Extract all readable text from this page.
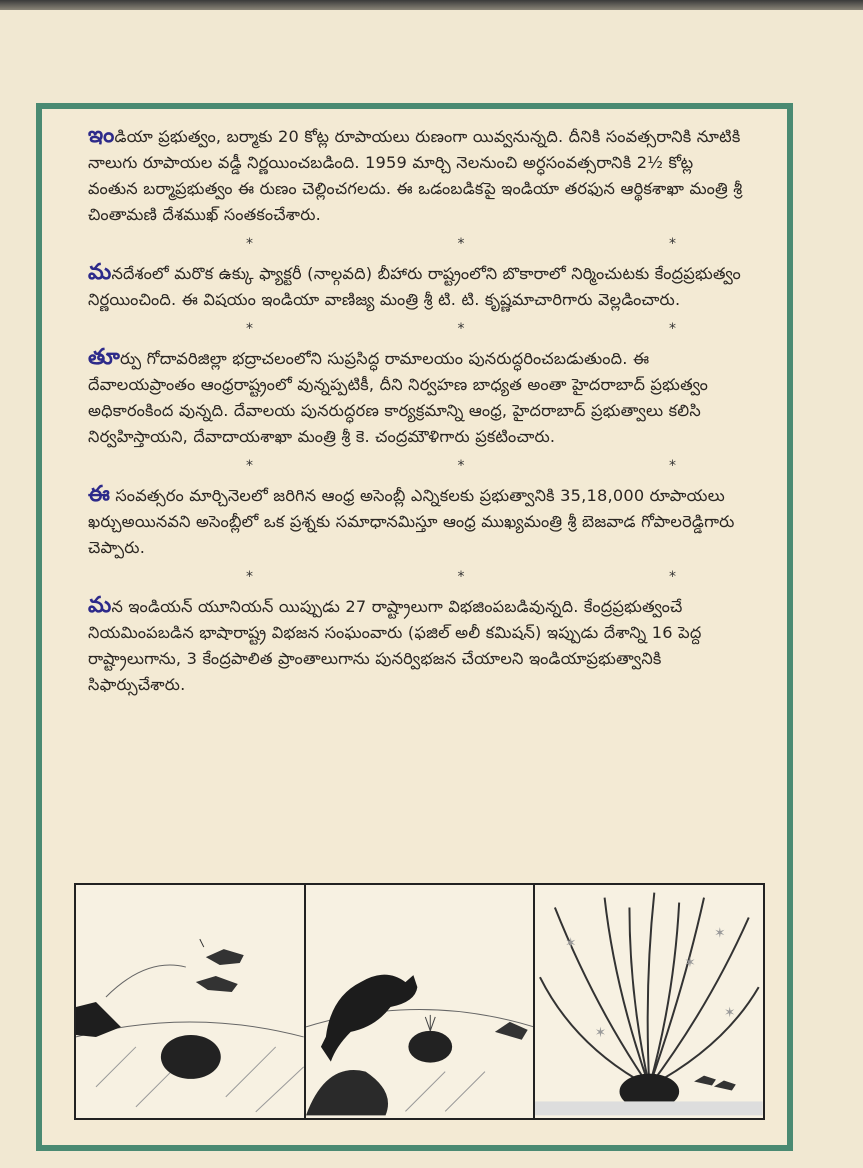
ఇండియా ప్రభుత్వం, బర్మాకు 20 కోట్ల రూపాయలు రుణంగా యివ్వనున్నది. దీనికి సంవత్సరానికి నూటికి నాలుగు రూపాయల వడ్డీ నిర్ణయించబడింది. 1959 మార్చి నెలనుంచి అర్ధసంవత్సరానికి 2½ కోట్ల వంతున బర్మాప్రభుత్వం ఈ రుణం చెల్లించగలదు. ఈ ఒడంబడికపై ఇండియా తరఫున ఆర్థికశాఖా మంత్రి శ్రీ చింతామణి దేశముఖ్ సంతకంచేశారు.

*	*	*

మనదేశంలో మరొక ఉక్కు ఫ్యాక్టరీ (నాల్గవది) బీహారు రాష్ట్రంలోని బొకారాలో నిర్మించుటకు కేంద్రప్రభుత్వం నిర్ణయించింది. ఈ విషయం ఇండియా వాణిజ్య మంత్రి శ్రీ టి. టి. కృష్ణమాచారిగారు వెల్లడించారు.

*	*	*

తూర్పు గోదావరిజిల్లా భద్రాచలంలోని సుప్రసిద్ధ రామాలయం పునరుద్ధరించబడుతుంది. ఈ దేవాలయప్రాంతం ఆంధ్రరాష్ట్రంలో వున్నప్పటికీ, దీని నిర్వహణ బాధ్యత అంతా హైదరాబాద్ ప్రభుత్వం అధికారంకింద వున్నది. దేవాలయ పునరుద్ధరణ కార్యక్రమాన్ని ఆంధ్ర, హైదరాబాద్ ప్రభుత్వాలు కలిసి నిర్వహిస్తాయని, దేవాదాయశాఖా మంత్రి శ్రీ కె. చంద్రమౌళిగారు ప్రకటించారు.

*	*	*

ఈ సంవత్సరం మార్చినెలలో జరిగిన ఆంధ్ర అసెంబ్లీ ఎన్నికలకు ప్రభుత్వానికి 35,18,000 రూపాయలు ఖర్చుఅయినవని అసెంబ్లీలో ఒక ప్రశ్నకు సమాధానమిస్తూ ఆంధ్ర ముఖ్యమంత్రి శ్రీ బెజవాడ గోపాలరెడ్డిగారు చెప్పారు.

*	*	*

మన ఇండియన్ యూనియన్ యిప్పుడు 27 రాష్ట్రాలుగా విభజింపబడివున్నది. కేంద్రప్రభుత్వంచే నియమింపబడిన భాషారాష్ట్ర విభజన సంఘంవారు (ఫజిల్ అలీ కమిషన్) ఇప్పుడు దేశాన్ని 16 పెద్ద రాష్ట్రాలుగాను, 3 కేంద్రపాలిత ప్రాంతాలుగాను పునర్విభజన చేయాలని ఇండియాప్రభుత్వానికి సిఫార్సుచేశారు.

✶
✶
✶
✶
✶
